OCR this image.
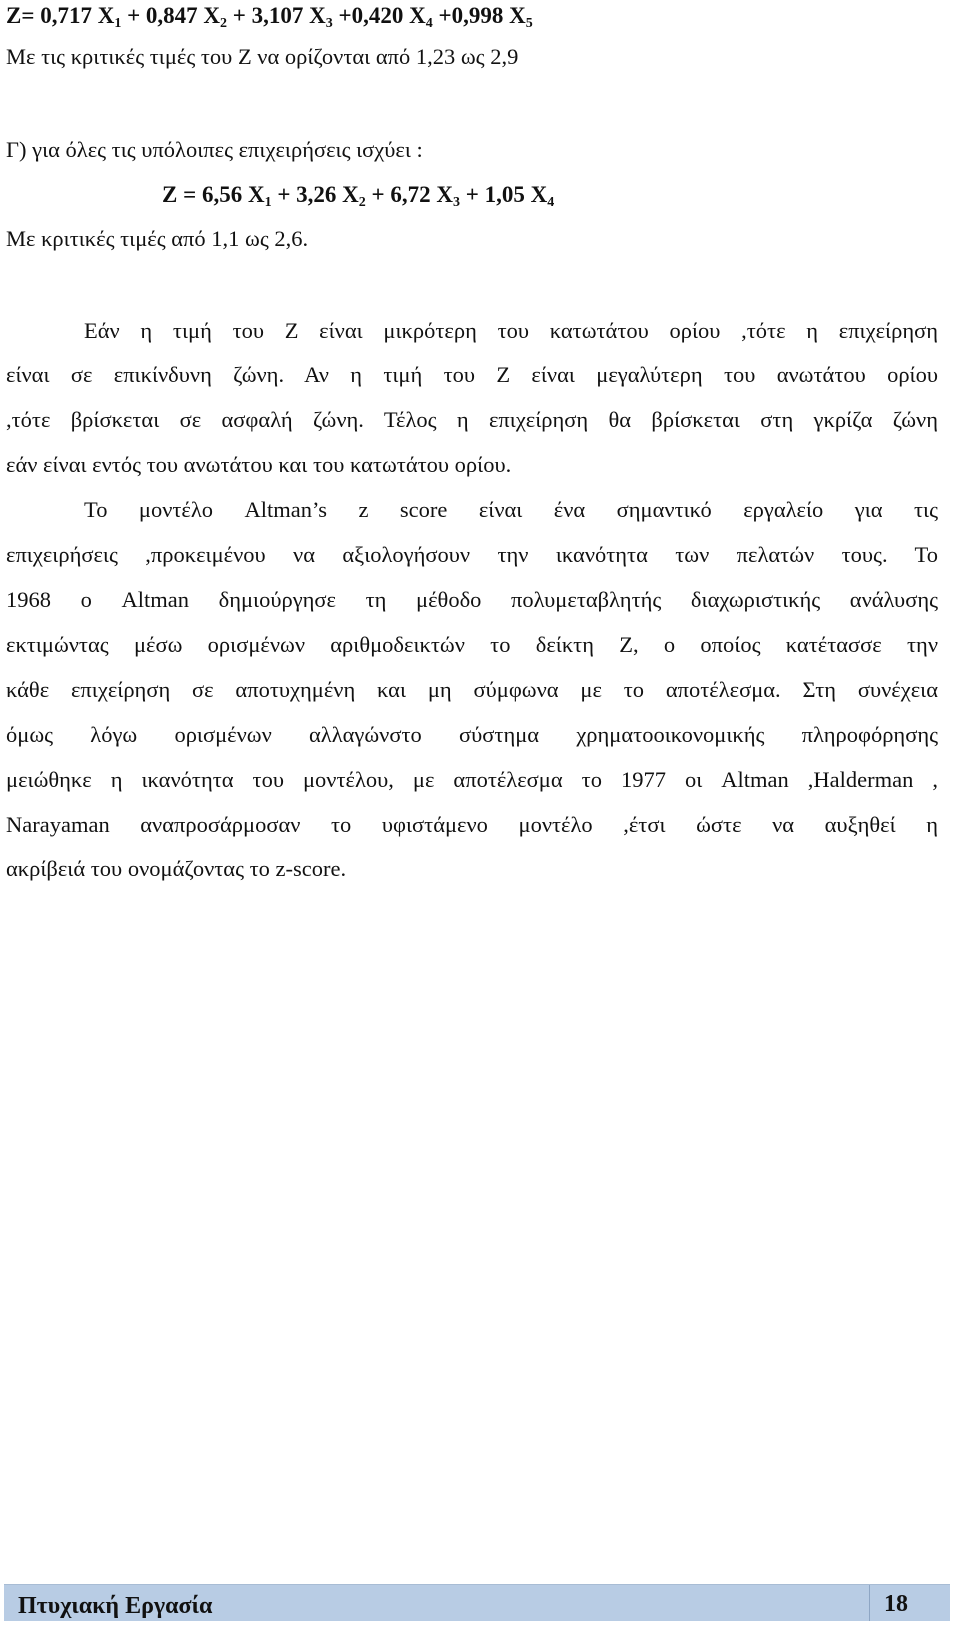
Z= 0,717 $X_1 + 0,847$ $X_2 + 3,107$ $X_3 +0,420$ $X_4 +0,998$ $X_5$
Με τις κριτικές τιμές του Z να ορίζονται από 1,23 ως 2,9
Γ) για όλες τις υπόλοιπες επιχειρήσεις ισχύει :
Z = 6,56 $X_1 + 3,26$ $X_2 + 6,72$ $X_3 + 1,05$ $X_4$
Με κριτικές τιμές από 1,1 ως 2,6.
Εάν η τιμή του Z είναι μικρότερη του κατωτάτου ορίου ,τότε η επιχείρηση
είναι σε επικίνδυνη ζώνη. Αν η τιμή του Z είναι μεγαλύτερη του ανωτάτου ορίου
,τότε βρίσκεται σε ασφαλή ζώνη. Τέλος η επιχείρηση θα βρίσκεται στη γκρίζα ζώνη
εάν είναι εντός του ανωτάτου και του κατωτάτου ορίου.
Το μοντέλο Altman’s z score είναι ένα σημαντικό εργαλείο για τις
επιχειρήσεις ,προκειμένου να αξιολογήσουν την ικανότητα των πελατών τους. Το
1968 ο Altman δημιούργησε τη μέθοδο πολυμεταβλητής διαχωριστικής ανάλυσης
εκτιμώντας μέσω ορισμένων αριθμοδεικτών το δείκτη Z, ο οποίος κατέτασσε την
κάθε επιχείρηση σε αποτυχημένη και μη σύμφωνα με το αποτέλεσμα. Στη συνέχεια
όμως λόγω ορισμένων αλλαγώνστο σύστημα χρηματοοικονομικής πληροφόρησης
μειώθηκε η ικανότητα του μοντέλου, με αποτέλεσμα το 1977 οι Altman ,Halderman ,
Narayaman αναπροσάρμοσαν το υφιστάμενο μοντέλο ,έτσι ώστε να αυξηθεί η
ακρίβειά του ονομάζοντας το z-score.
Πτυχιακή Εργασία	18
